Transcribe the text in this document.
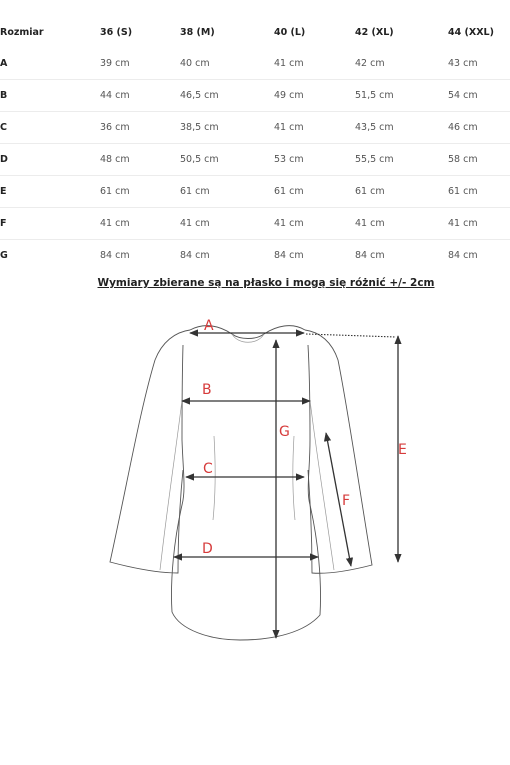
Rozmiar	36 (S)	38 (M)	40 (L)	42 (XL)	44 (XXL)
A	39 cm	40 cm	41 cm	42 cm	43 cm
B	44 cm	46,5 cm	49 cm	51,5 cm	54 cm
C	36 cm	38,5 cm	41 cm	43,5 cm	46 cm
D	48 cm	50,5 cm	53 cm	55,5 cm	58 cm
E	61 cm	61 cm	61 cm	61 cm	61 cm
F	41 cm	41 cm	41 cm	41 cm	41 cm
G	84 cm	84 cm	84 cm	84 cm	84 cm
Wymiary zbierane są na płasko i mogą się różnić +/- 2cm
A
B
C
D
G
E
F
